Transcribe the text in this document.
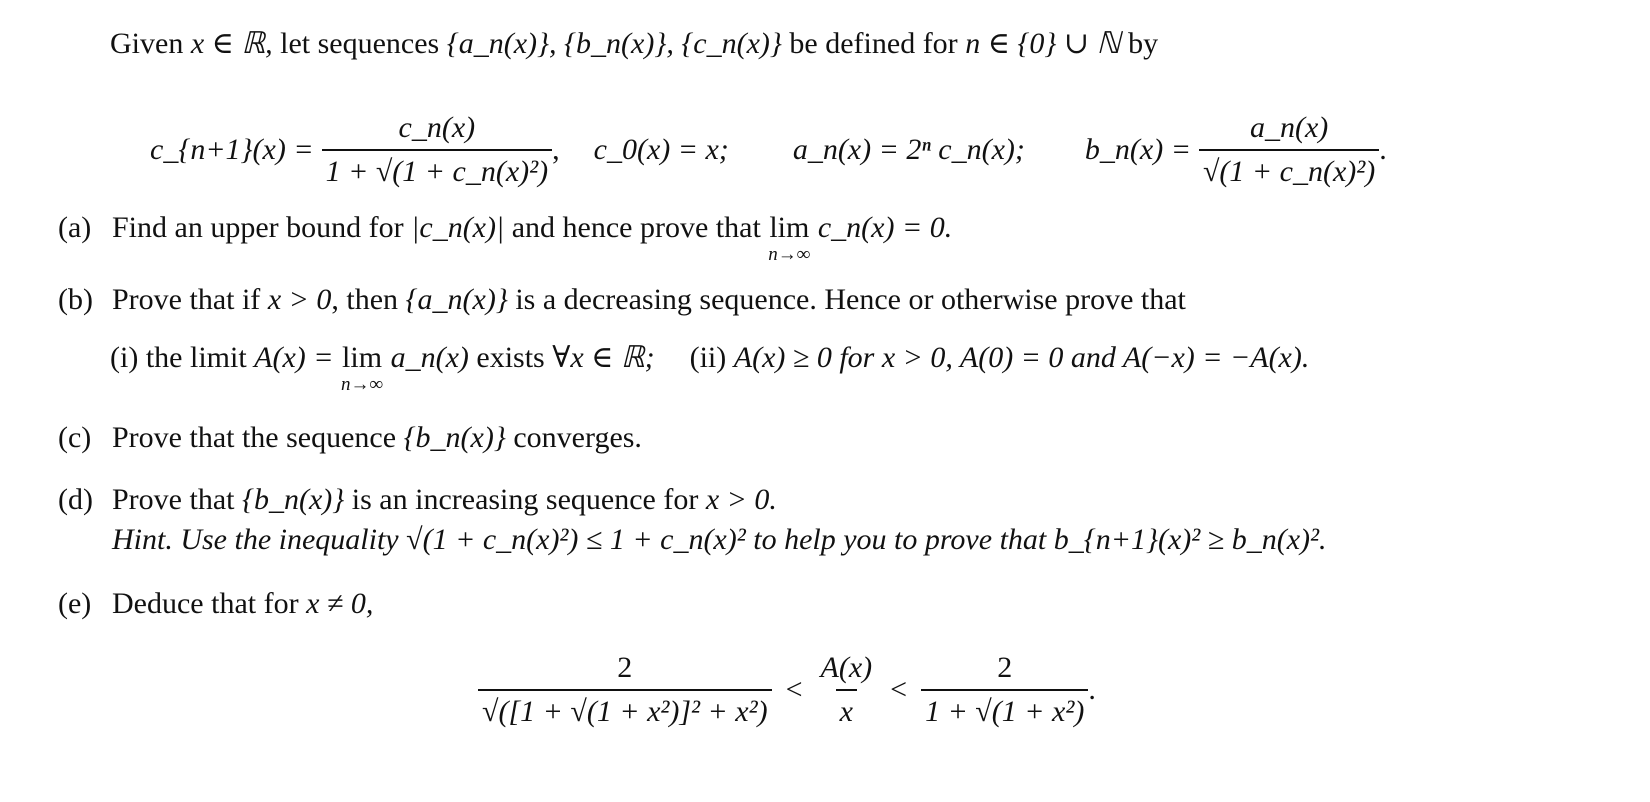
Given x ∈ ℝ, let sequences {a_n(x)}, {b_n(x)}, {c_n(x)} be defined for n ∈ {0} ∪ ℕ by
c_{n+1}(x) = $\frac{c\_n(x)}{\text{1 + √(1 + c\_n(x)²)}}$ , c_0(x) = x; a_n(x) = 2ⁿ c_n(x); b_n(x) = $\frac{a\_n(x)}{\text{√(1 + c\_n(x)²)}}$ .
(a) Find an upper bound for |c_n(x)| and hence prove that lim
n→∞
c_n(x) = 0.
(b) Prove that if x > 0, then {a_n(x)} is a decreasing sequence. Hence or otherwise prove that
(i) the limit A(x) = lim
n→∞
a_n(x) exists ∀x ∈ ℝ; (ii) A(x) ≥ 0 for x > 0, A(0) = 0 and A(−x) = −A(x).
(c) Prove that the sequence {b_n(x)} converges.
(d) Prove that {b_n(x)} is an increasing sequence for x > 0.
Hint. Use the inequality √(1 + c_n(x)²) ≤ 1 + c_n(x)² to help you to prove that b_{n+1}(x)² ≥ b_n(x)².
(e) Deduce that for x ≠ 0,
$\frac{2}{\text{√([1 + √(1 + x²)]² + x²)}} < \frac{A(x)}{x} < \frac{2}{\text{1 + √(1 + x²)}}$ .
